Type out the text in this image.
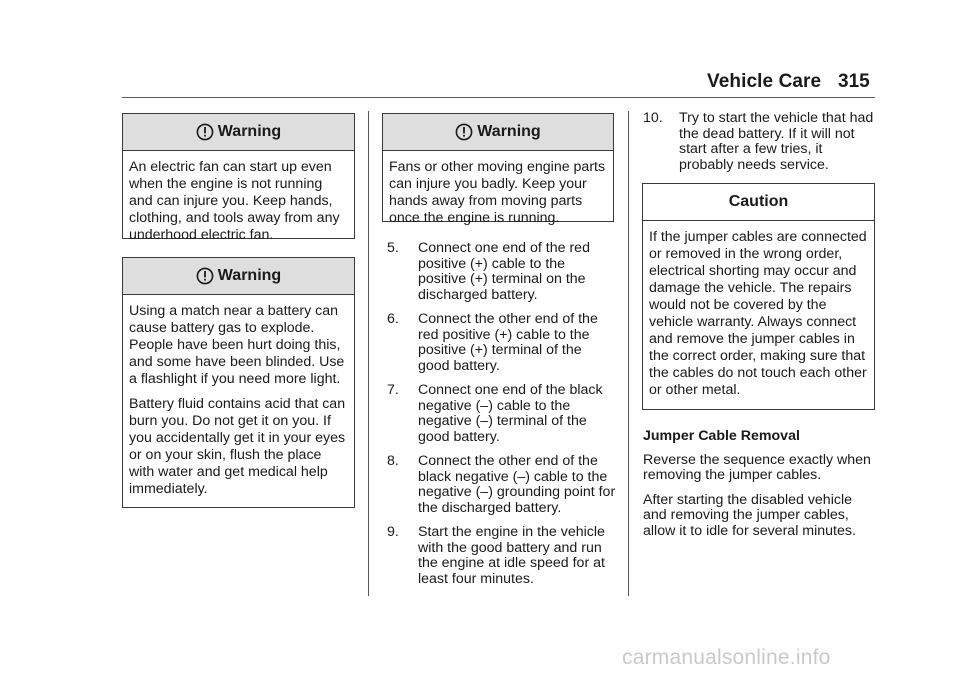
Vehicle Care 315
Warning

An electric fan can start up even when the engine is not running and can injure you. Keep hands, clothing, and tools away from any underhood electric fan.

Warning

Using a match near a battery can cause battery gas to explode. People have been hurt doing this, and some have been blinded. Use a flashlight if you need more light.

Battery fluid contains acid that can burn you. Do not get it on you. If you accidentally get it in your eyes or on your skin, flush the place with water and get medical help immediately.

Warning

Fans or other moving engine parts can injure you badly. Keep your hands away from moving parts once the engine is running.

5. Connect one end of the red positive (+) cable to the positive (+) terminal on the discharged battery.
6. Connect the other end of the red positive (+) cable to the positive (+) terminal of the good battery.
7. Connect one end of the black negative (–) cable to the negative (–) terminal of the good battery.
8. Connect the other end of the black negative (–) cable to the negative (–) grounding point for the discharged battery.
9. Start the engine in the vehicle with the good battery and run the engine at idle speed for at least four minutes.
10. Try to start the vehicle that had the dead battery. If it will not start after a few tries, it probably needs service.
Caution

If the jumper cables are connected or removed in the wrong order, electrical shorting may occur and damage the vehicle. The repairs would not be covered by the vehicle warranty. Always connect and remove the jumper cables in the correct order, making sure that the cables do not touch each other or other metal.

Jumper Cable Removal

Reverse the sequence exactly when removing the jumper cables.

After starting the disabled vehicle and removing the jumper cables, allow it to idle for several minutes.

carmanualsonline.info
